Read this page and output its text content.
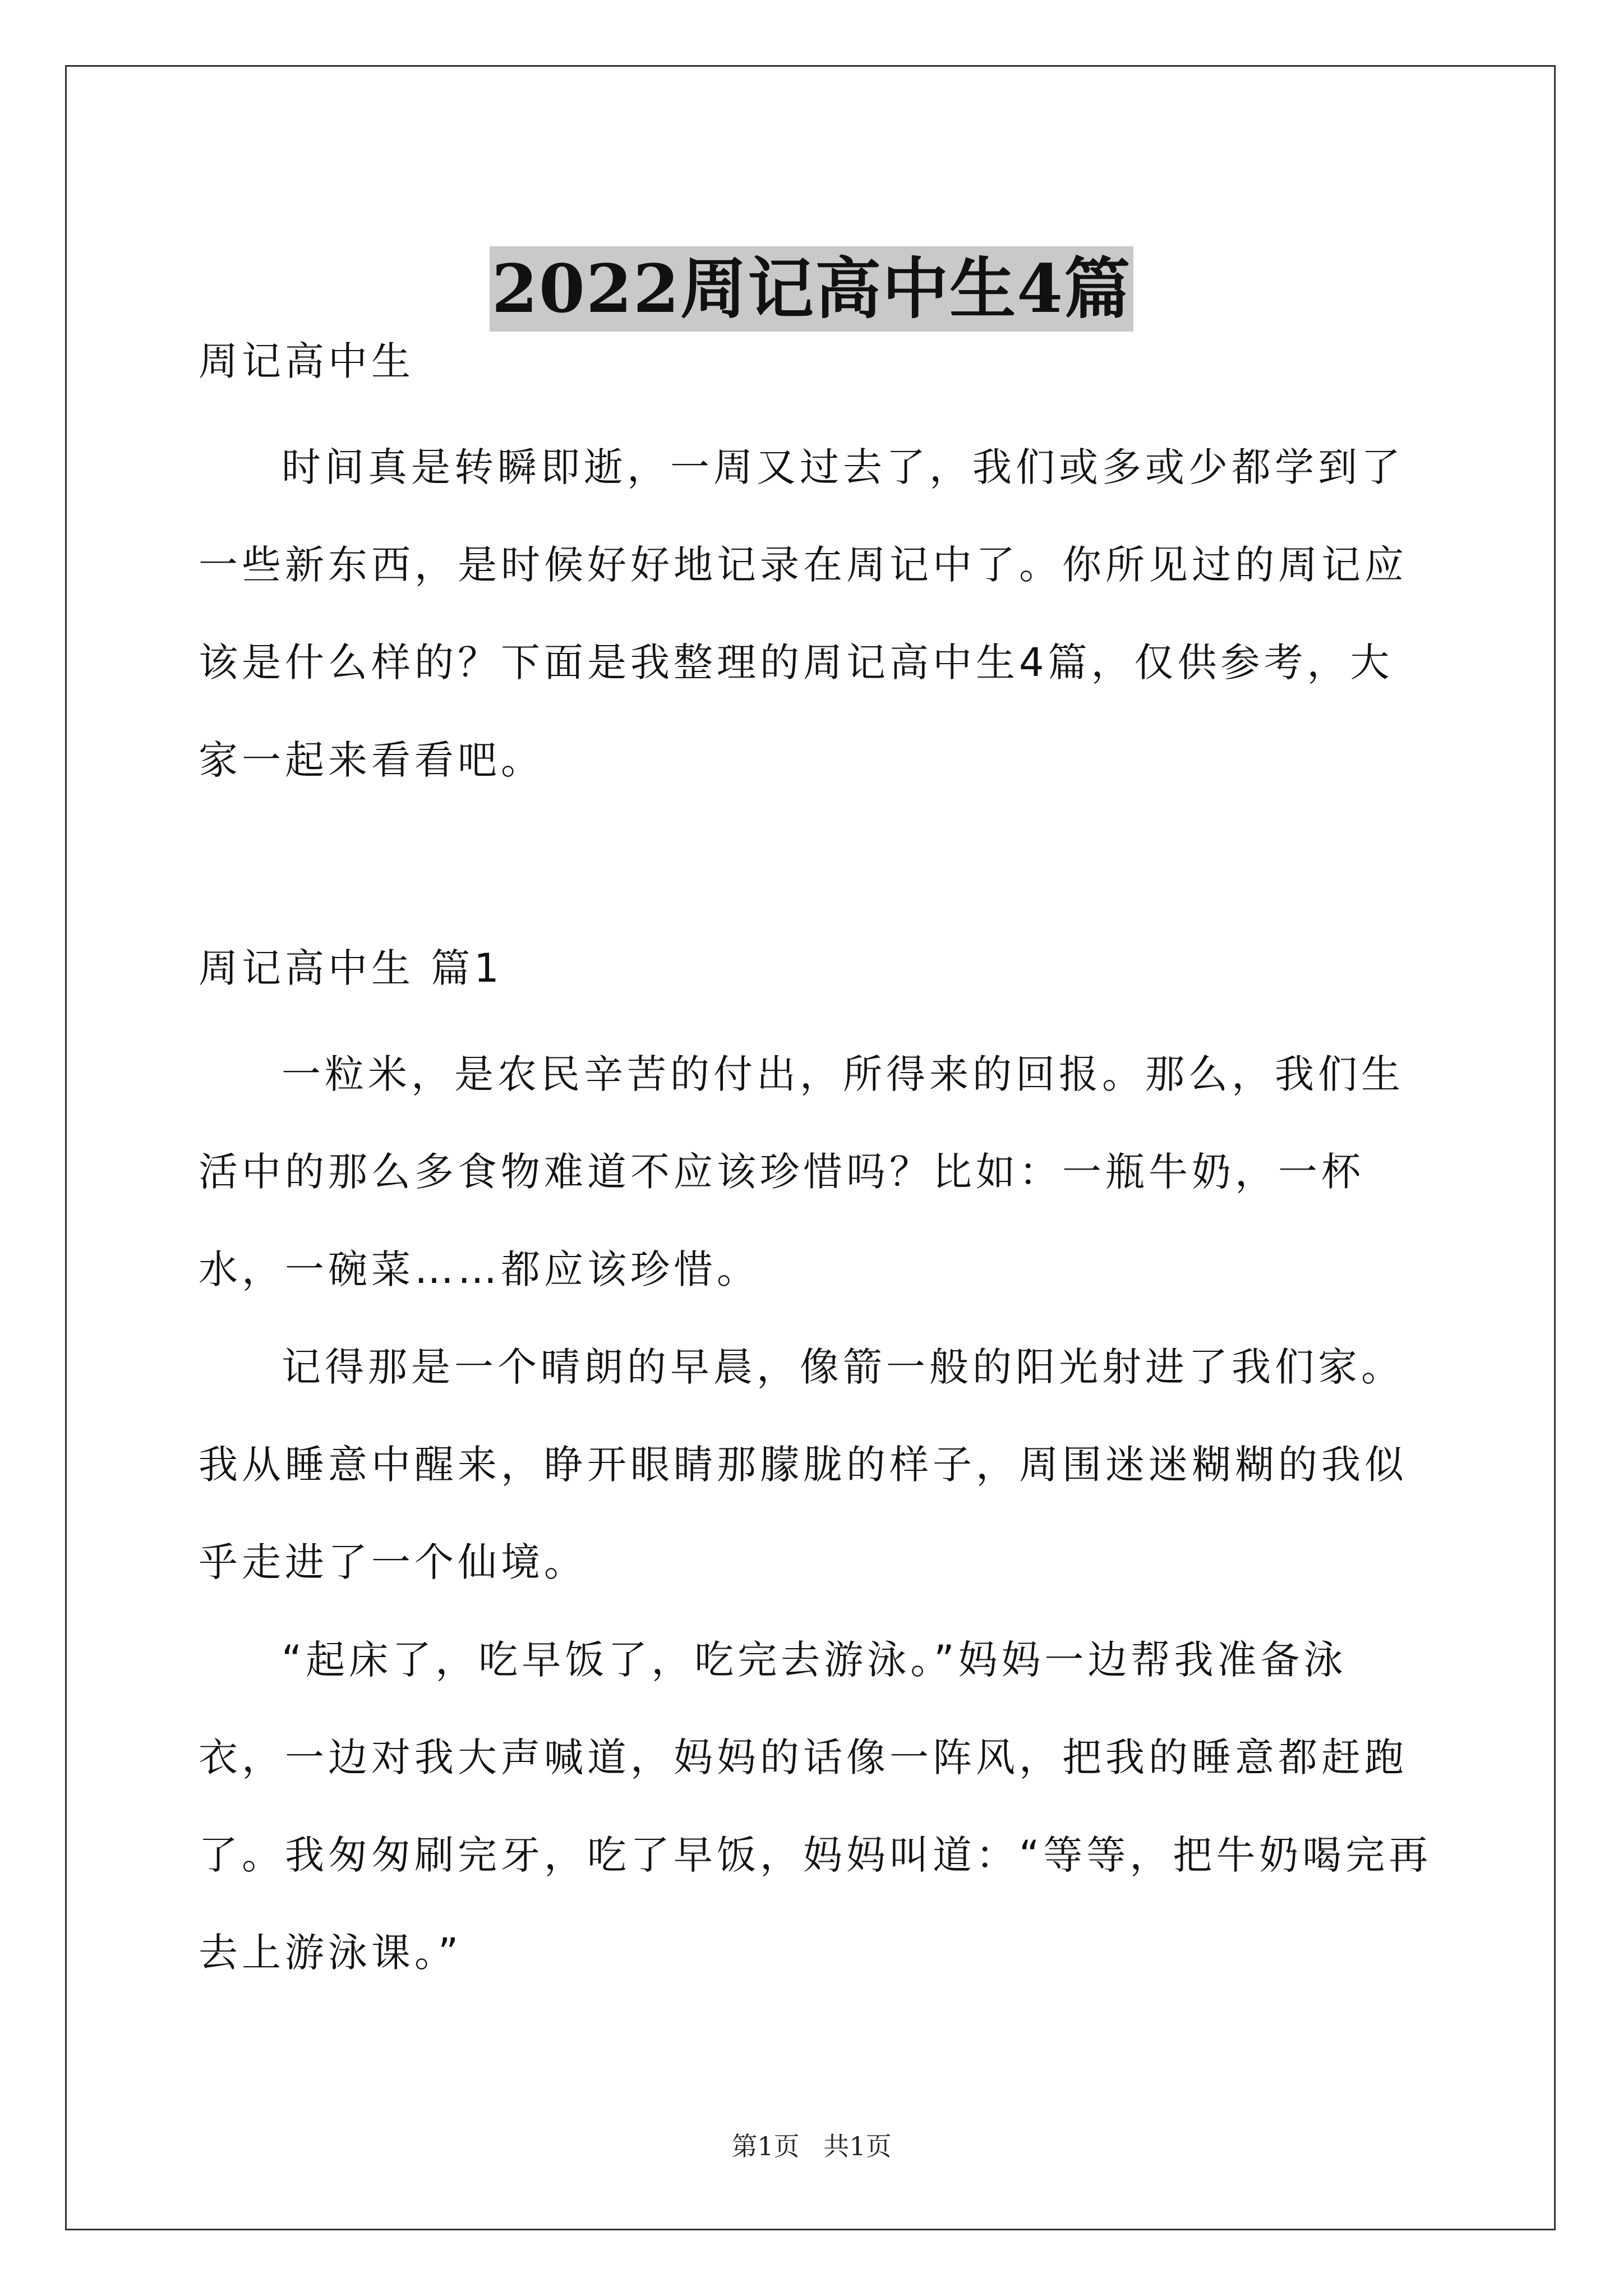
2022周记高中生4篇

周记高中生

时间真是转瞬即逝，一周又过去了，我们或多或少都学到了一些新东西，是时候好好地记录在周记中了。你所见过的周记应该是什么样的？下面是我整理的周记高中生4篇，仅供参考，大家一起来看看吧。

周记高中生 篇1

一粒米，是农民辛苦的付出，所得来的回报。那么，我们生活中的那么多食物难道不应该珍惜吗？比如：一瓶牛奶，一杯水，一碗菜……都应该珍惜。

记得那是一个晴朗的早晨，像箭一般的阳光射进了我们家。我从睡意中醒来，睁开眼睛那朦胧的样子，周围迷迷糊糊的我似乎走进了一个仙境。

“起床了，吃早饭了，吃完去游泳。”妈妈一边帮我准备泳衣，一边对我大声喊道，妈妈的话像一阵风，把我的睡意都赶跑了。我匆匆刷完牙，吃了早饭，妈妈叫道：“等等，把牛奶喝完再去上游泳课。”

第1页 共1页
